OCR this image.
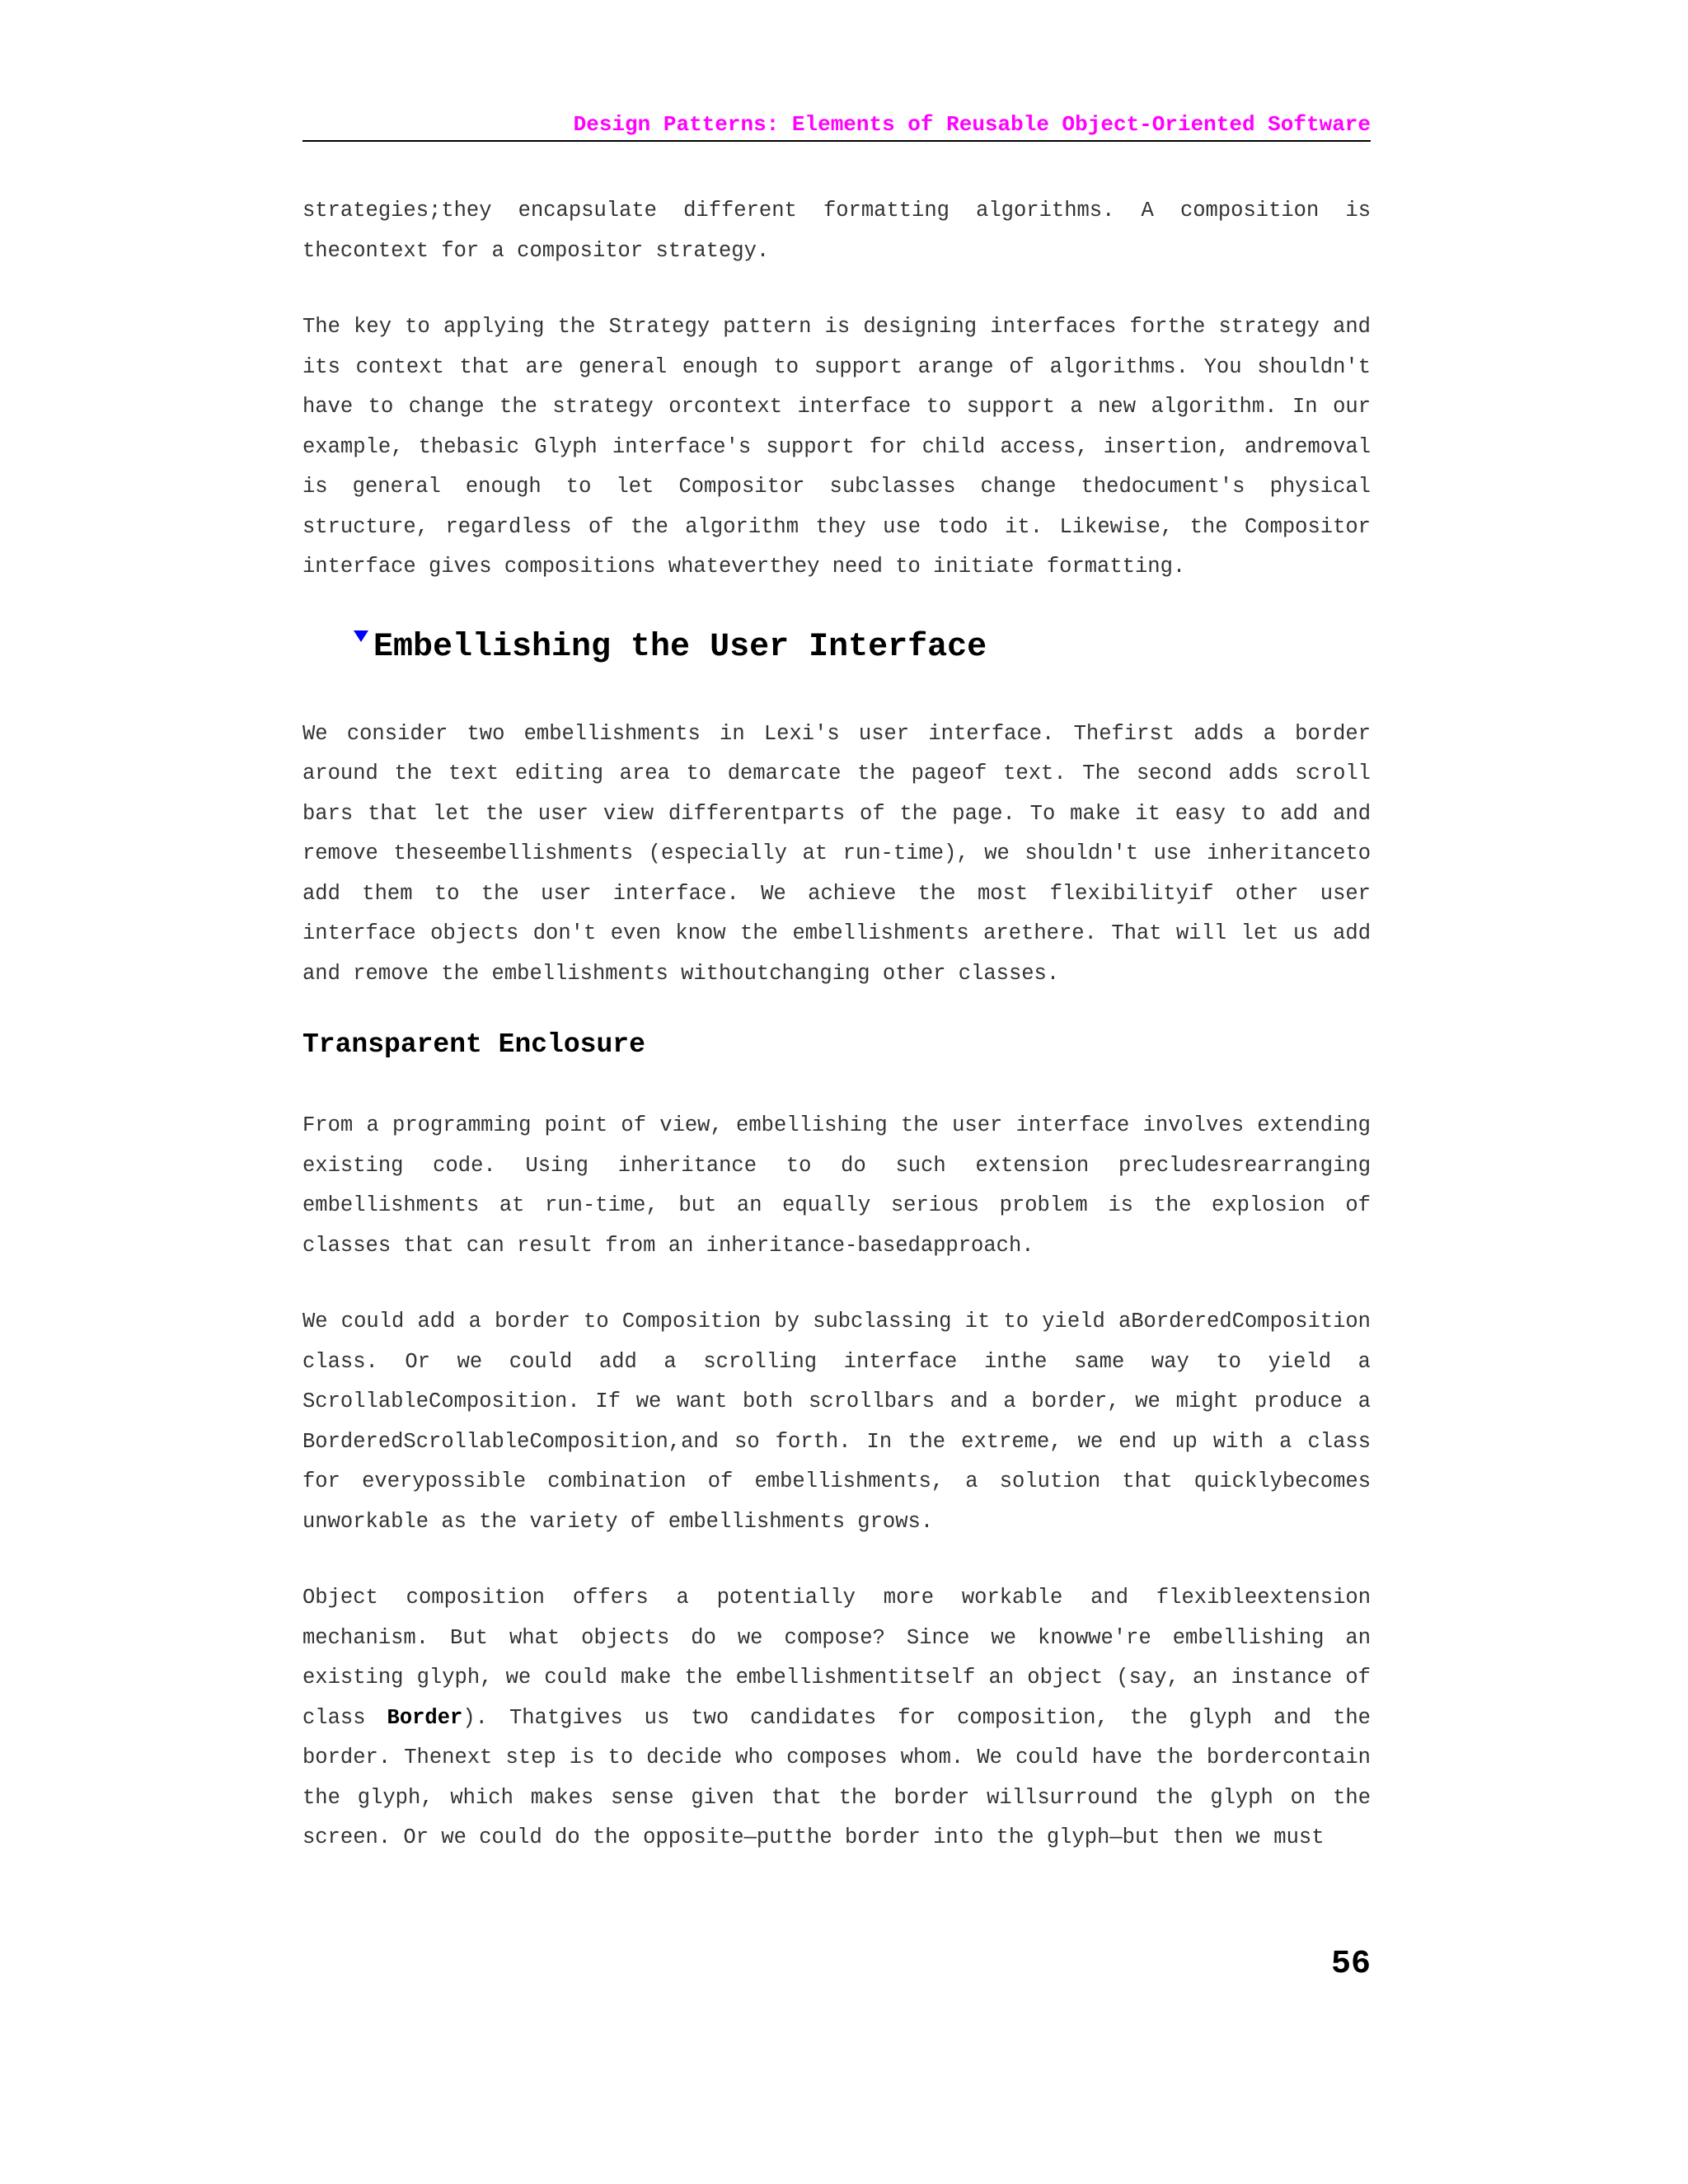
Design Patterns: Elements of Reusable Object-Oriented Software

strategies;they encapsulate different formatting algorithms. A composition is thecontext for a compositor strategy.

The key to applying the Strategy pattern is designing interfaces forthe strategy and its context that are general enough to support arange of algorithms. You shouldn't have to change the strategy orcontext interface to support a new algorithm. In our example, thebasic Glyph interface's support for child access, insertion, andremoval is general enough to let Compositor subclasses change thedocument's physical structure, regardless of the algorithm they use todo it. Likewise, the Compositor interface gives compositions whateverthey need to initiate formatting.

Embellishing the User Interface

We consider two embellishments in Lexi's user interface. Thefirst adds a border around the text editing area to demarcate the pageof text. The second adds scroll bars that let the user view differentparts of the page. To make it easy to add and remove theseembellishments (especially at run-time), we shouldn't use inheritanceto add them to the user interface. We achieve the most flexibilityif other user interface objects don't even know the embellishments arethere. That will let us add and remove the embellishments withoutchanging other classes.

Transparent Enclosure

From a programming point of view, embellishing the user interface involves extending existing code. Using inheritance to do such extension precludesrearranging embellishments at run-time, but an equally serious problem is the explosion of classes that can result from an inheritance-basedapproach.

We could add a border to Composition by subclassing it to yield aBorderedComposition class. Or we could add a scrolling interface inthe same way to yield a ScrollableComposition. If we want both scrollbars and a border, we might produce a BorderedScrollableComposition,and so forth. In the extreme, we end up with a class for everypossible combination of embellishments, a solution that quicklybecomes unworkable as the variety of embellishments grows.

Object composition offers a potentially more workable and flexibleextension mechanism. But what objects do we compose? Since we knowwe're embellishing an existing glyph, we could make the embellishmentitself an object (say, an instance of class Border). Thatgives us two candidates for composition, the glyph and the border. Thenext step is to decide who composes whom. We could have the bordercontain the glyph, which makes sense given that the border willsurround the glyph on the screen. Or we could do the opposite—putthe border into the glyph—but then we must

56
